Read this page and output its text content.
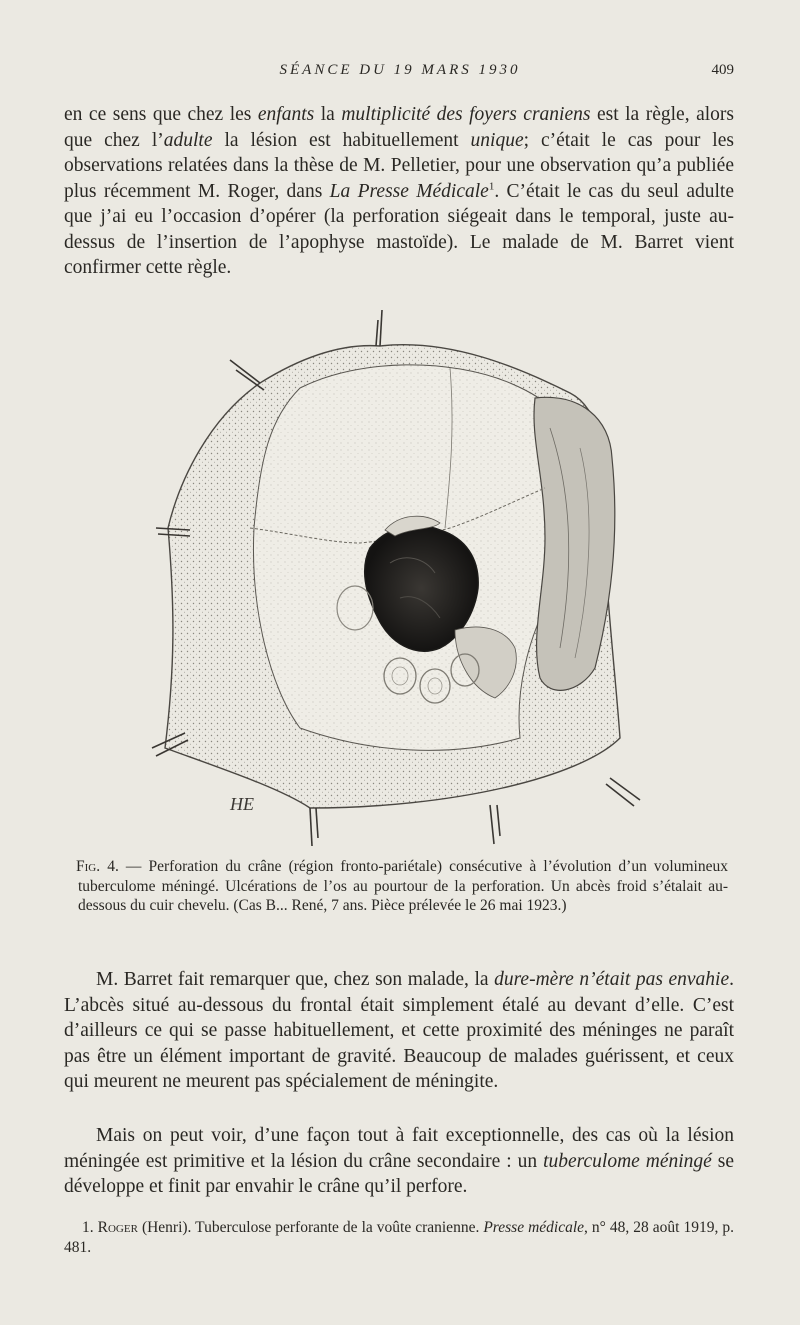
SÉANCE DU 19 MARS 1930	409

en ce sens que chez les enfants la multiplicité des foyers craniens est la règle, alors que chez l’adulte la lésion est habituellement unique; c’était le cas pour les observations relatées dans la thèse de M. Pelletier, pour une observation qu’a publiée plus récemment M. Roger, dans La Presse Médicale$^1$. C’était le cas du seul adulte que j’ai eu l’occasion d’opérer (la perforation siégeait dans le temporal, juste au-dessus de l’insertion de l’apophyse mastoïde). Le malade de M. Barret vient confirmer cette règle.

HE
Fig. 4. — Perforation du crâne (région fronto-pariétale) consécutive à l’évolution d’un volumineux tuberculome méningé. Ulcérations de l’os au pourtour de la perforation. Un abcès froid s’étalait au-dessous du cuir chevelu. (Cas B... René, 7 ans. Pièce prélevée le 26 mai 1923.)

M. Barret fait remarquer que, chez son malade, la dure-mère n’était pas envahie. L’abcès situé au-dessous du frontal était simplement étalé au devant d’elle. C’est d’ailleurs ce qui se passe habituellement, et cette proximité des méninges ne paraît pas être un élément important de gravité. Beaucoup de malades guérissent, et ceux qui meurent ne meurent pas spécialement de méningite.

Mais on peut voir, d’une façon tout à fait exceptionnelle, des cas où la lésion méningée est primitive et la lésion du crâne secondaire : un tuberculome méningé se développe et finit par envahir le crâne qu’il perfore.

1. Roger (Henri). Tuberculose perforante de la voûte cranienne. Presse médicale, n° 48, 28 août 1919, p. 481.
